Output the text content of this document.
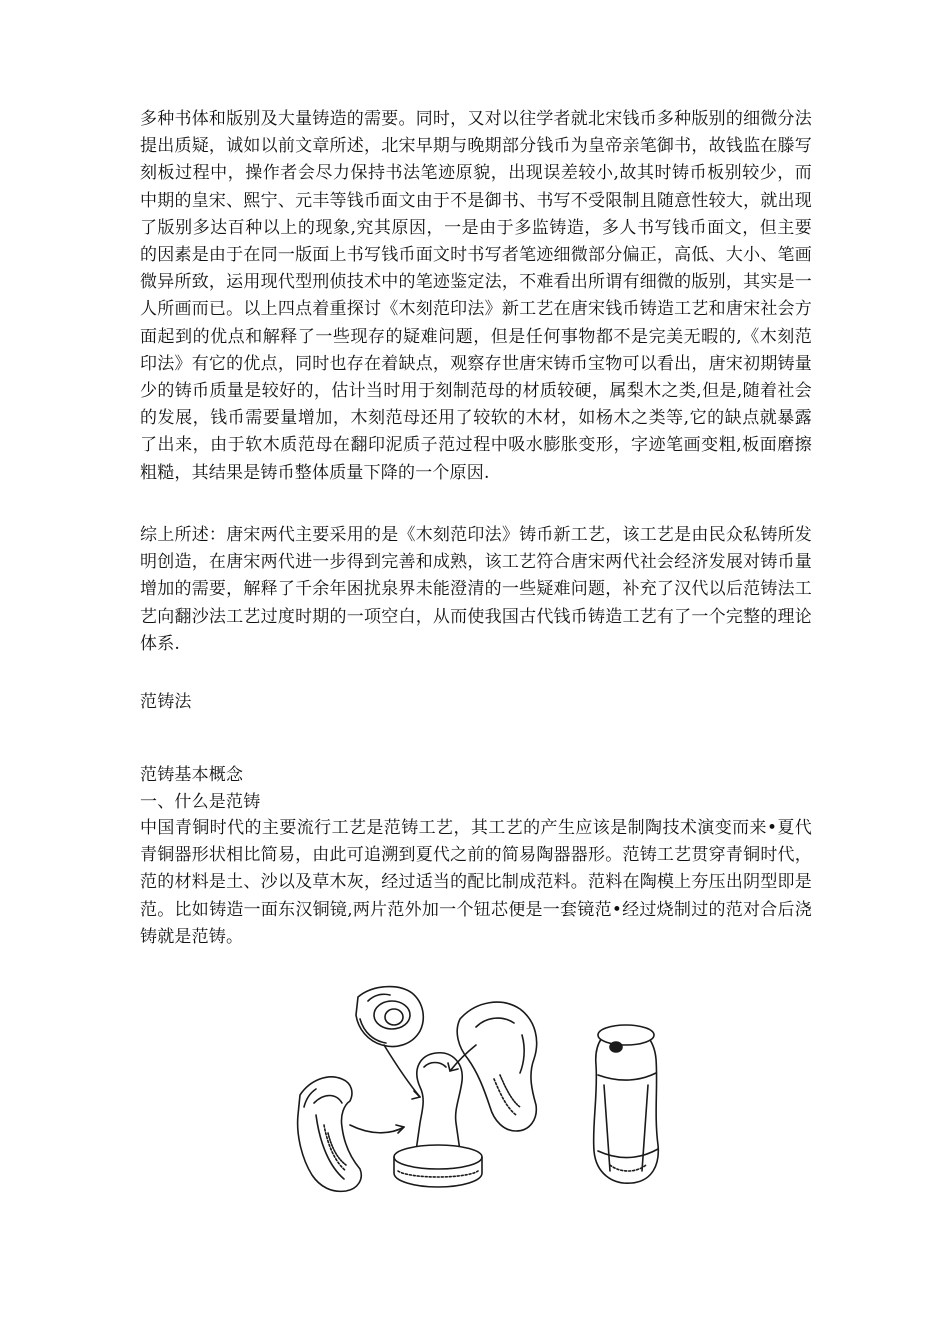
多种书体和版别及大量铸造的需要。同时，又对以往学者就北宋钱币多种版别的细微分法提出质疑，诚如以前文章所述，北宋早期与晚期部分钱币为皇帝亲笔御书，故钱监在滕写刻板过程中，操作者会尽力保持书法笔迹原貌，出现误差较小,故其时铸币板别较少，而中期的皇宋、熙宁、元丰等钱币面文由于不是御书、书写不受限制且随意性较大，就出现了版别多达百种以上的现象,究其原因，一是由于多监铸造，多人书写钱币面文，但主要的因素是由于在同一版面上书写钱币面文时书写者笔迹细微部分偏正，高低、大小、笔画微异所致，运用现代型刑侦技术中的笔迹鉴定法，不难看出所谓有细微的版别，其实是一人所画而已。以上四点着重探讨《木刻范印法》新工艺在唐宋钱币铸造工艺和唐宋社会方面起到的优点和解释了一些现存的疑难问题，但是任何事物都不是完美无暇的,《木刻范印法》有它的优点，同时也存在着缺点，观察存世唐宋铸币宝物可以看出，唐宋初期铸量少的铸币质量是较好的，估计当时用于刻制范母的材质较硬，属梨木之类,但是,随着社会的发展，钱币需要量增加，木刻范母还用了较软的木材，如杨木之类等,它的缺点就暴露了出来，由于软木质范母在翻印泥质子范过程中吸水膨胀变形，字迹笔画变粗,板面磨擦粗糙，其结果是铸币整体质量下降的一个原因.
综上所述：唐宋两代主要采用的是《木刻范印法》铸币新工艺，该工艺是由民众私铸所发明创造，在唐宋两代进一步得到完善和成熟，该工艺符合唐宋两代社会经济发展对铸币量增加的需要，解释了千余年困扰泉界未能澄清的一些疑难问题，补充了汉代以后范铸法工艺向翻沙法工艺过度时期的一项空白，从而使我国古代钱币铸造工艺有了一个完整的理论体系.
范铸法
范铸基本概念
一、什么是范铸
中国青铜时代的主要流行工艺是范铸工艺，其工艺的产生应该是制陶技术演变而来•夏代青铜器形状相比简易，由此可追溯到夏代之前的简易陶器器形。范铸工艺贯穿青铜时代，范的材料是土、沙以及草木灰，经过适当的配比制成范料。范料在陶模上夯压出阴型即是范。比如铸造一面东汉铜镜,两片范外加一个钮芯便是一套镜范•经过烧制过的范对合后浇铸就是范铸。
